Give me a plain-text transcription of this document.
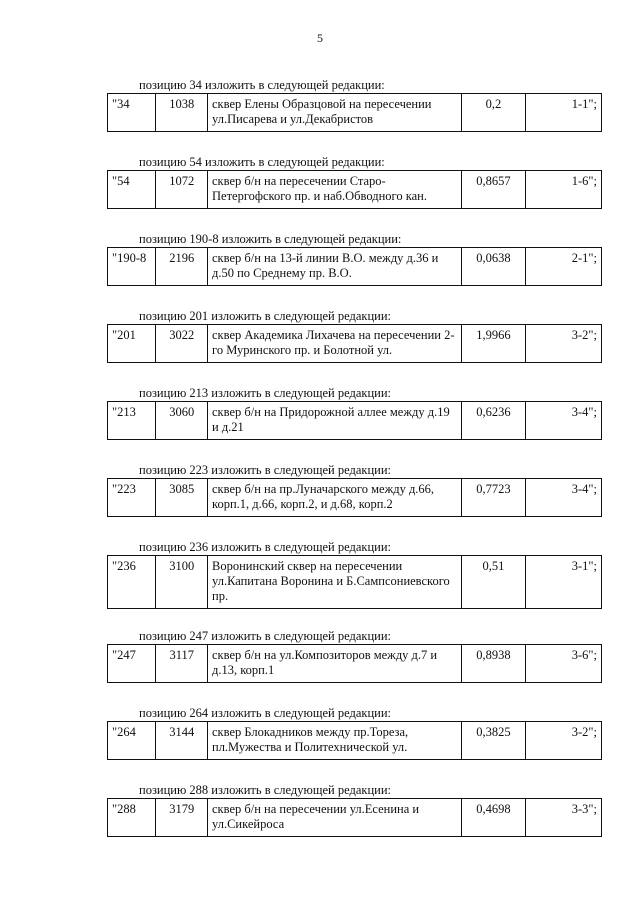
5
позицию 34 изложить в следующей редакции:
"34	1038	сквер Елены Образцовой на пересечении ул.Писарева и ул.Декабристов	0,2	1-1";
позицию 54 изложить в следующей редакции:
"54	1072	сквер б/н на пересечении Старо-Петергофского пр. и наб.Обводного кан.	0,8657	1-6";
позицию 190-8 изложить в следующей редакции:
"190-8	2196	сквер б/н на 13-й линии В.О. между д.36 и д.50 по Среднему пр. В.О.	0,0638	2-1";
позицию 201 изложить в следующей редакции:
"201	3022	сквер Академика Лихачева на пересечении 2-го Муринского пр. и Болотной ул.	1,9966	3-2";
позицию 213 изложить в следующей редакции:
"213	3060	сквер б/н на Придорожной аллее между д.19 и д.21	0,6236	3-4";
позицию 223 изложить в следующей редакции:
"223	3085	сквер б/н на пр.Луначарского между д.66, корп.1, д.66, корп.2, и д.68, корп.2	0,7723	3-4";
позицию 236 изложить в следующей редакции:
"236	3100	Воронинский сквер на пересечении ул.Капитана Воронина и Б.Сампсониевского пр.	0,51	3-1";
позицию 247 изложить в следующей редакции:
"247	3117	сквер б/н на ул.Композиторов между д.7 и д.13, корп.1	0,8938	3-6";
позицию 264 изложить в следующей редакции:
"264	3144	сквер Блокадников между пр.Тореза, пл.Мужества и Политехнической ул.	0,3825	3-2";
позицию 288 изложить в следующей редакции:
"288	3179	сквер б/н на пересечении ул.Есенина и ул.Сикейроса	0,4698	3-3";
